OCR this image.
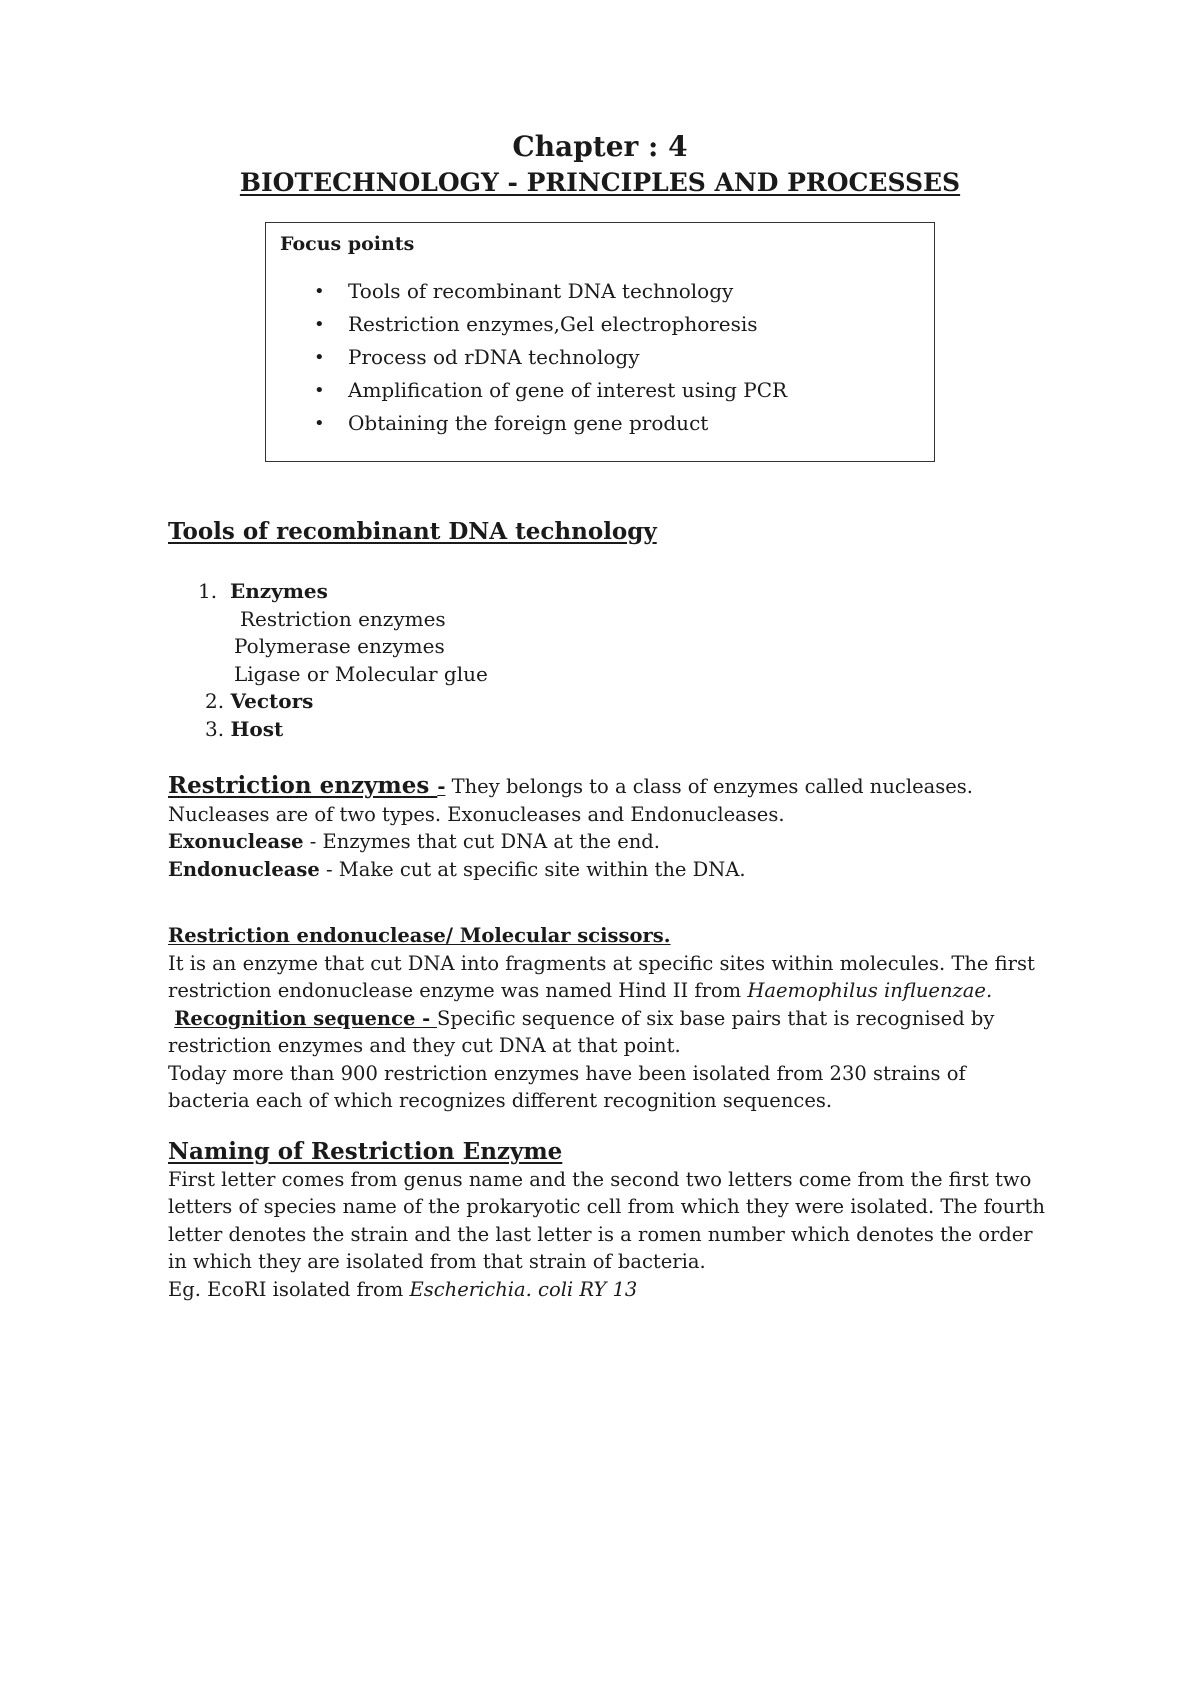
Chapter : 4
BIOTECHNOLOGY - PRINCIPLES AND PROCESSES
Focus points
• Tools of recombinant DNA technology
• Restriction enzymes,Gel electrophoresis
• Process od rDNA technology
• Amplification of gene of interest using PCR
• Obtaining the foreign gene product
Tools of recombinant DNA technology
1. Enzymes
Restriction enzymes
Polymerase enzymes
Ligase or Molecular glue
2. Vectors
3. Host
Restriction enzymes - They belongs to a class of enzymes called nucleases.
Nucleases are of two types. Exonucleases and Endonucleases.
Exonuclease - Enzymes that cut DNA at the end.
Endonuclease - Make cut at specific site within the DNA.
Restriction endonuclease/ Molecular scissors.
It is an enzyme that cut DNA into fragments at specific sites within molecules. The first restriction endonuclease enzyme was named Hind II from Haemophilus influenzae.
Recognition sequence - Specific sequence of six base pairs that is recognised by restriction enzymes and they cut DNA at that point.
Today more than 900 restriction enzymes have been isolated from 230 strains of bacteria each of which recognizes different recognition sequences.
Naming of Restriction Enzyme
First letter comes from genus name and the second two letters come from the first two letters of species name of the prokaryotic cell from which they were isolated. The fourth letter denotes the strain and the last letter is a romen number which denotes the order in which they are isolated from that strain of bacteria.
Eg. EcoRI isolated from Escherichia. coli RY 13
